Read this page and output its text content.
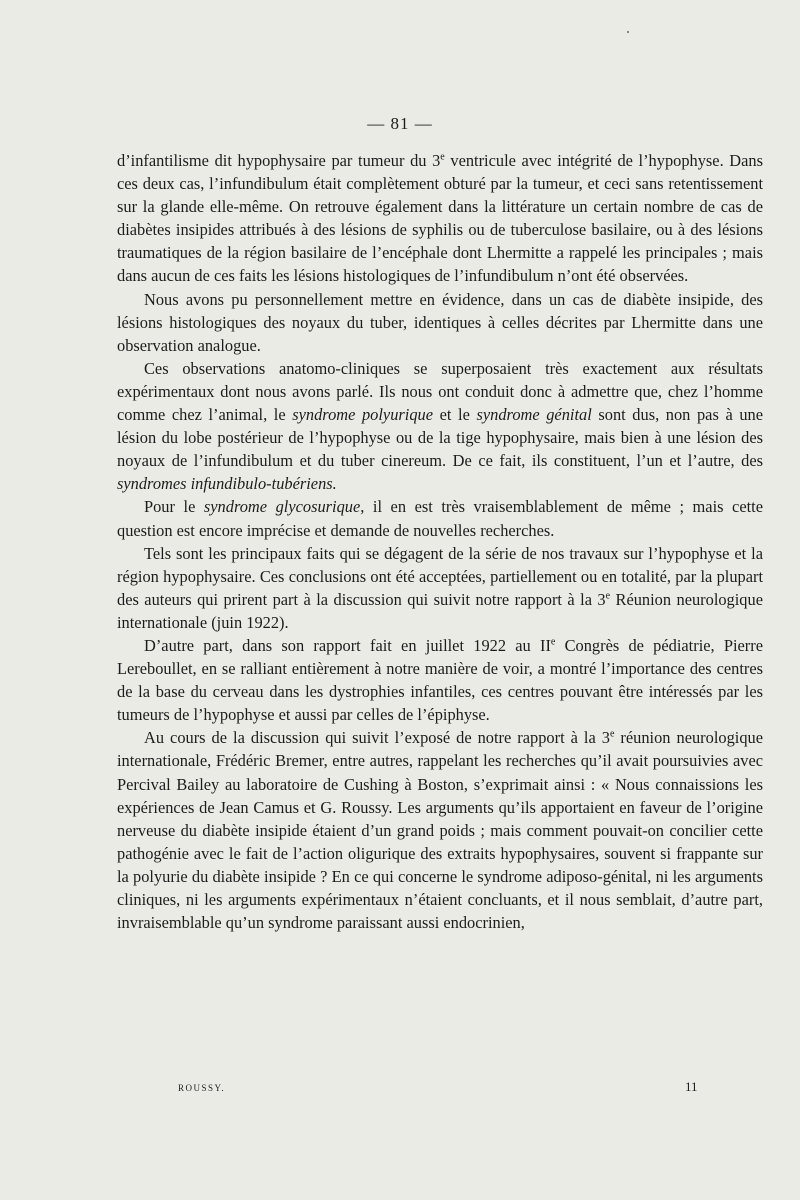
— 81 —

d’infantilisme dit hypophysaire par tumeur du 3e ventricule avec intégrité de l’hypophyse. Dans ces deux cas, l’infundibulum était complètement obturé par la tumeur, et ceci sans retentissement sur la glande elle-même. On retrouve également dans la littérature un certain nombre de cas de diabètes insipides attribués à des lésions de syphilis ou de tuberculose basilaire, ou à des lésions traumatiques de la région basilaire de l’encéphale dont Lhermitte a rappelé les principales ; mais dans aucun de ces faits les lésions histologiques de l’infundibulum n’ont été observées.

Nous avons pu personnellement mettre en évidence, dans un cas de diabète insipide, des lésions histologiques des noyaux du tuber, identiques à celles décrites par Lhermitte dans une observation analogue.

Ces observations anatomo-cliniques se superposaient très exactement aux résultats expérimentaux dont nous avons parlé. Ils nous ont conduit donc à admettre que, chez l’homme comme chez l’animal, le syndrome polyurique et le syndrome génital sont dus, non pas à une lésion du lobe postérieur de l’hypophyse ou de la tige hypophysaire, mais bien à une lésion des noyaux de l’infundibulum et du tuber cinereum. De ce fait, ils constituent, l’un et l’autre, des syndromes infundibulo-tubériens.

Pour le syndrome glycosurique, il en est très vraisemblablement de même ; mais cette question est encore imprécise et demande de nouvelles recherches.

Tels sont les principaux faits qui se dégagent de la série de nos travaux sur l’hypophyse et la région hypophysaire. Ces conclusions ont été acceptées, partiellement ou en totalité, par la plupart des auteurs qui prirent part à la discussion qui suivit notre rapport à la 3e Réunion neurologique internationale (juin 1922).

D’autre part, dans son rapport fait en juillet 1922 au IIe Congrès de pédiatrie, Pierre Lereboullet, en se ralliant entièrement à notre manière de voir, a montré l’importance des centres de la base du cerveau dans les dystrophies infantiles, ces centres pouvant être intéressés par les tumeurs de l’hypophyse et aussi par celles de l’épiphyse.

Au cours de la discussion qui suivit l’exposé de notre rapport à la 3e réunion neurologique internationale, Frédéric Bremer, entre autres, rappelant les recherches qu’il avait poursuivies avec Percival Bailey au laboratoire de Cushing à Boston, s’exprimait ainsi : « Nous connaissions les expériences de Jean Camus et G. Roussy. Les arguments qu’ils apportaient en faveur de l’origine nerveuse du diabète insipide étaient d’un grand poids ; mais comment pouvait-on concilier cette pathogénie avec le fait de l’action oligurique des extraits hypophysaires, souvent si frappante sur la polyurie du diabète insipide ? En ce qui concerne le syndrome adiposo-génital, ni les arguments cliniques, ni les arguments expérimentaux n’étaient concluants, et il nous semblait, d’autre part, invraisemblable qu’un syndrome paraissant aussi endocrinien,

ROUSSY.	11
